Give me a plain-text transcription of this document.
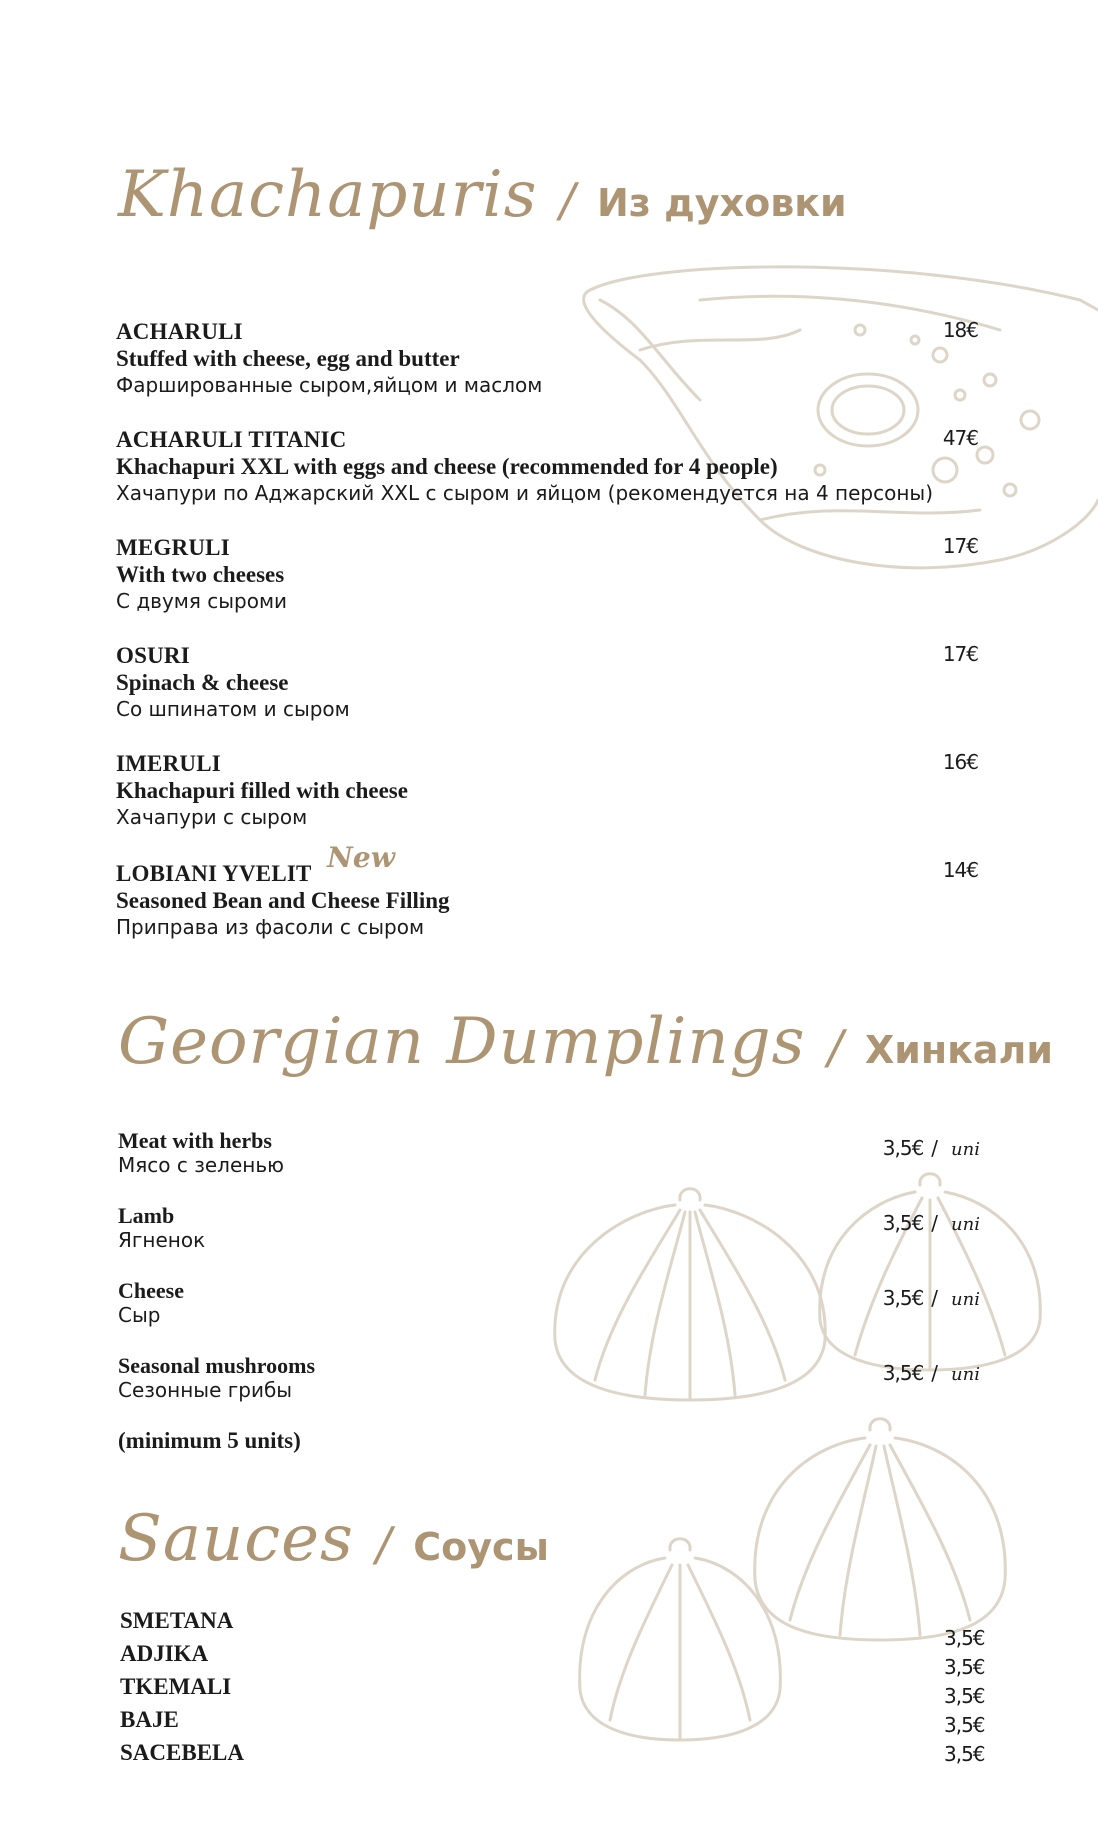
Khachapuris / Из духовки
ACHARULI
Stuffed with cheese, egg and butter
Фаршированные сыром,яйцом и маслом
18€
ACHARULI TITANIC
Khachapuri XXL with eggs and cheese (recommended for 4 people)
Хачапури по Аджарский XXL с сыром и яйцом (рекомендуется на 4 персоны)
47€
MEGRULI
With two cheeses
С двумя сыроми
17€
OSURI
Spinach & cheese
Со шпинатом и сыром
17€
IMERULI
Khachapuri filled with cheese
Хачапури с сыром
16€
LOBIANI YVELIT New
Seasoned Bean and Cheese Filling
Приправа из фасоли с сыром
14€
Georgian Dumplings / Хинкали
Meat with herbs
Мясо с зеленью
3,5€ / uni
Lamb
Ягненок
3,5€ / uni
Cheese
Сыр
3,5€ / uni
Seasonal mushrooms
Сезонные грибы
3,5€ / uni
(minimum 5 units)
Sauces / Соусы
SMETANA
ADJIKA
TKEMALI
BAJE
SACEBELA
3,5€
3,5€
3,5€
3,5€
3,5€
